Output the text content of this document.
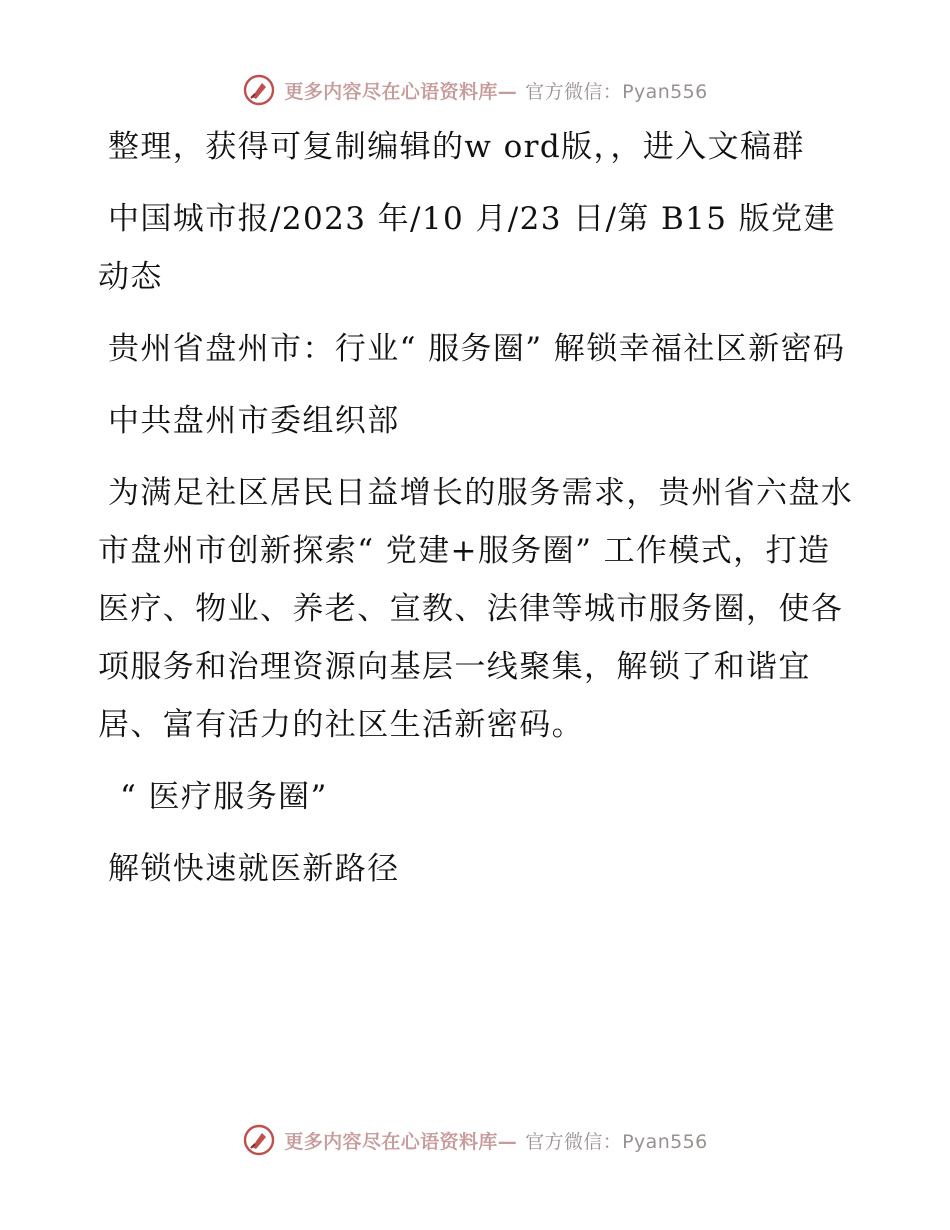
更多内容尽在心语资料库— 官方微信：Pyan556

整理，获得可复制编辑的w ord版，，进入文稿群

中国城市报/2023 年/10 月/23 日/第 B15 版党建动态

贵州省盘州市：行业“ 服务圈” 解锁幸福社区新密码

中共盘州市委组织部

为满足社区居民日益增长的服务需求，贵州省六盘水市盘州市创新探索“ 党建+服务圈” 工作模式，打造医疗、物业、养老、宣教、法律等城市服务圈，使各项服务和治理资源向基层一线聚集，解锁了和谐宜居、富有活力的社区生活新密码。

“ 医疗服务圈”

解锁快速就医新路径

更多内容尽在心语资料库— 官方微信：Pyan556
